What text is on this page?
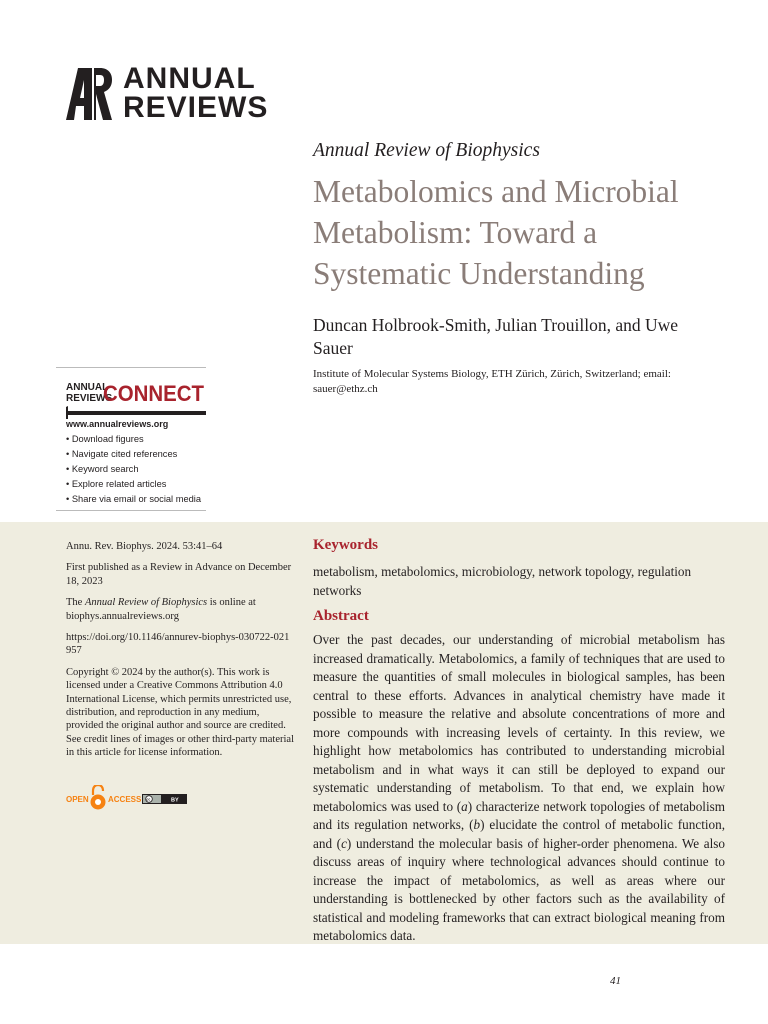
ANNUAL
REVIEWS
Annual Review of Biophysics
Metabolomics and Microbial Metabolism: Toward a Systematic Understanding
Duncan Holbrook-Smith, Julian Trouillon, and Uwe Sauer
Institute of Molecular Systems Biology, ETH Zürich, Zürich, Switzerland; email: sauer@ethz.ch
ANNUAL
REVIEWS
CONNECT
www.annualreviews.org
• Download figures
• Navigate cited references
• Keyword search
• Explore related articles
• Share via email or social media

Annu. Rev. Biophys. 2024. 53:41–64

First published as a Review in Advance on December 18, 2023

The Annual Review of Biophysics is online at biophys.annualreviews.org

https://doi.org/10.1146/annurev-biophys-030722-021957

Copyright © 2024 by the author(s). This work is licensed under a Creative Commons Attribution 4.0 International License, which permits unrestricted use, distribution, and reproduction in any medium, provided the original author and source are credited. See credit lines of images or other third-party material in this article for license information.

OPEN ACCESS cc	BY

Keywords

metabolism, metabolomics, microbiology, network topology, regulation networks

Abstract

Over the past decades, our understanding of microbial metabolism has increased dramatically. Metabolomics, a family of techniques that are used to measure the quantities of small molecules in biological samples, has been central to these efforts. Advances in analytical chemistry have made it possible to measure the relative and absolute concentrations of more and more compounds with increasing levels of certainty. In this review, we highlight how metabolomics has contributed to understanding microbial metabolism and in what ways it can still be deployed to expand our systematic understanding of metabolism. To that end, we explain how metabolomics was used to (a) characterize network topologies of metabolism and its regulation networks, (b) elucidate the control of metabolic function, and (c) understand the molecular basis of higher-order phenomena. We also discuss areas of inquiry where technological advances should continue to increase the impact of metabolomics, as well as areas where our understanding is bottlenecked by other factors such as the availability of statistical and modeling frameworks that can extract biological meaning from metabolomics data.

41
